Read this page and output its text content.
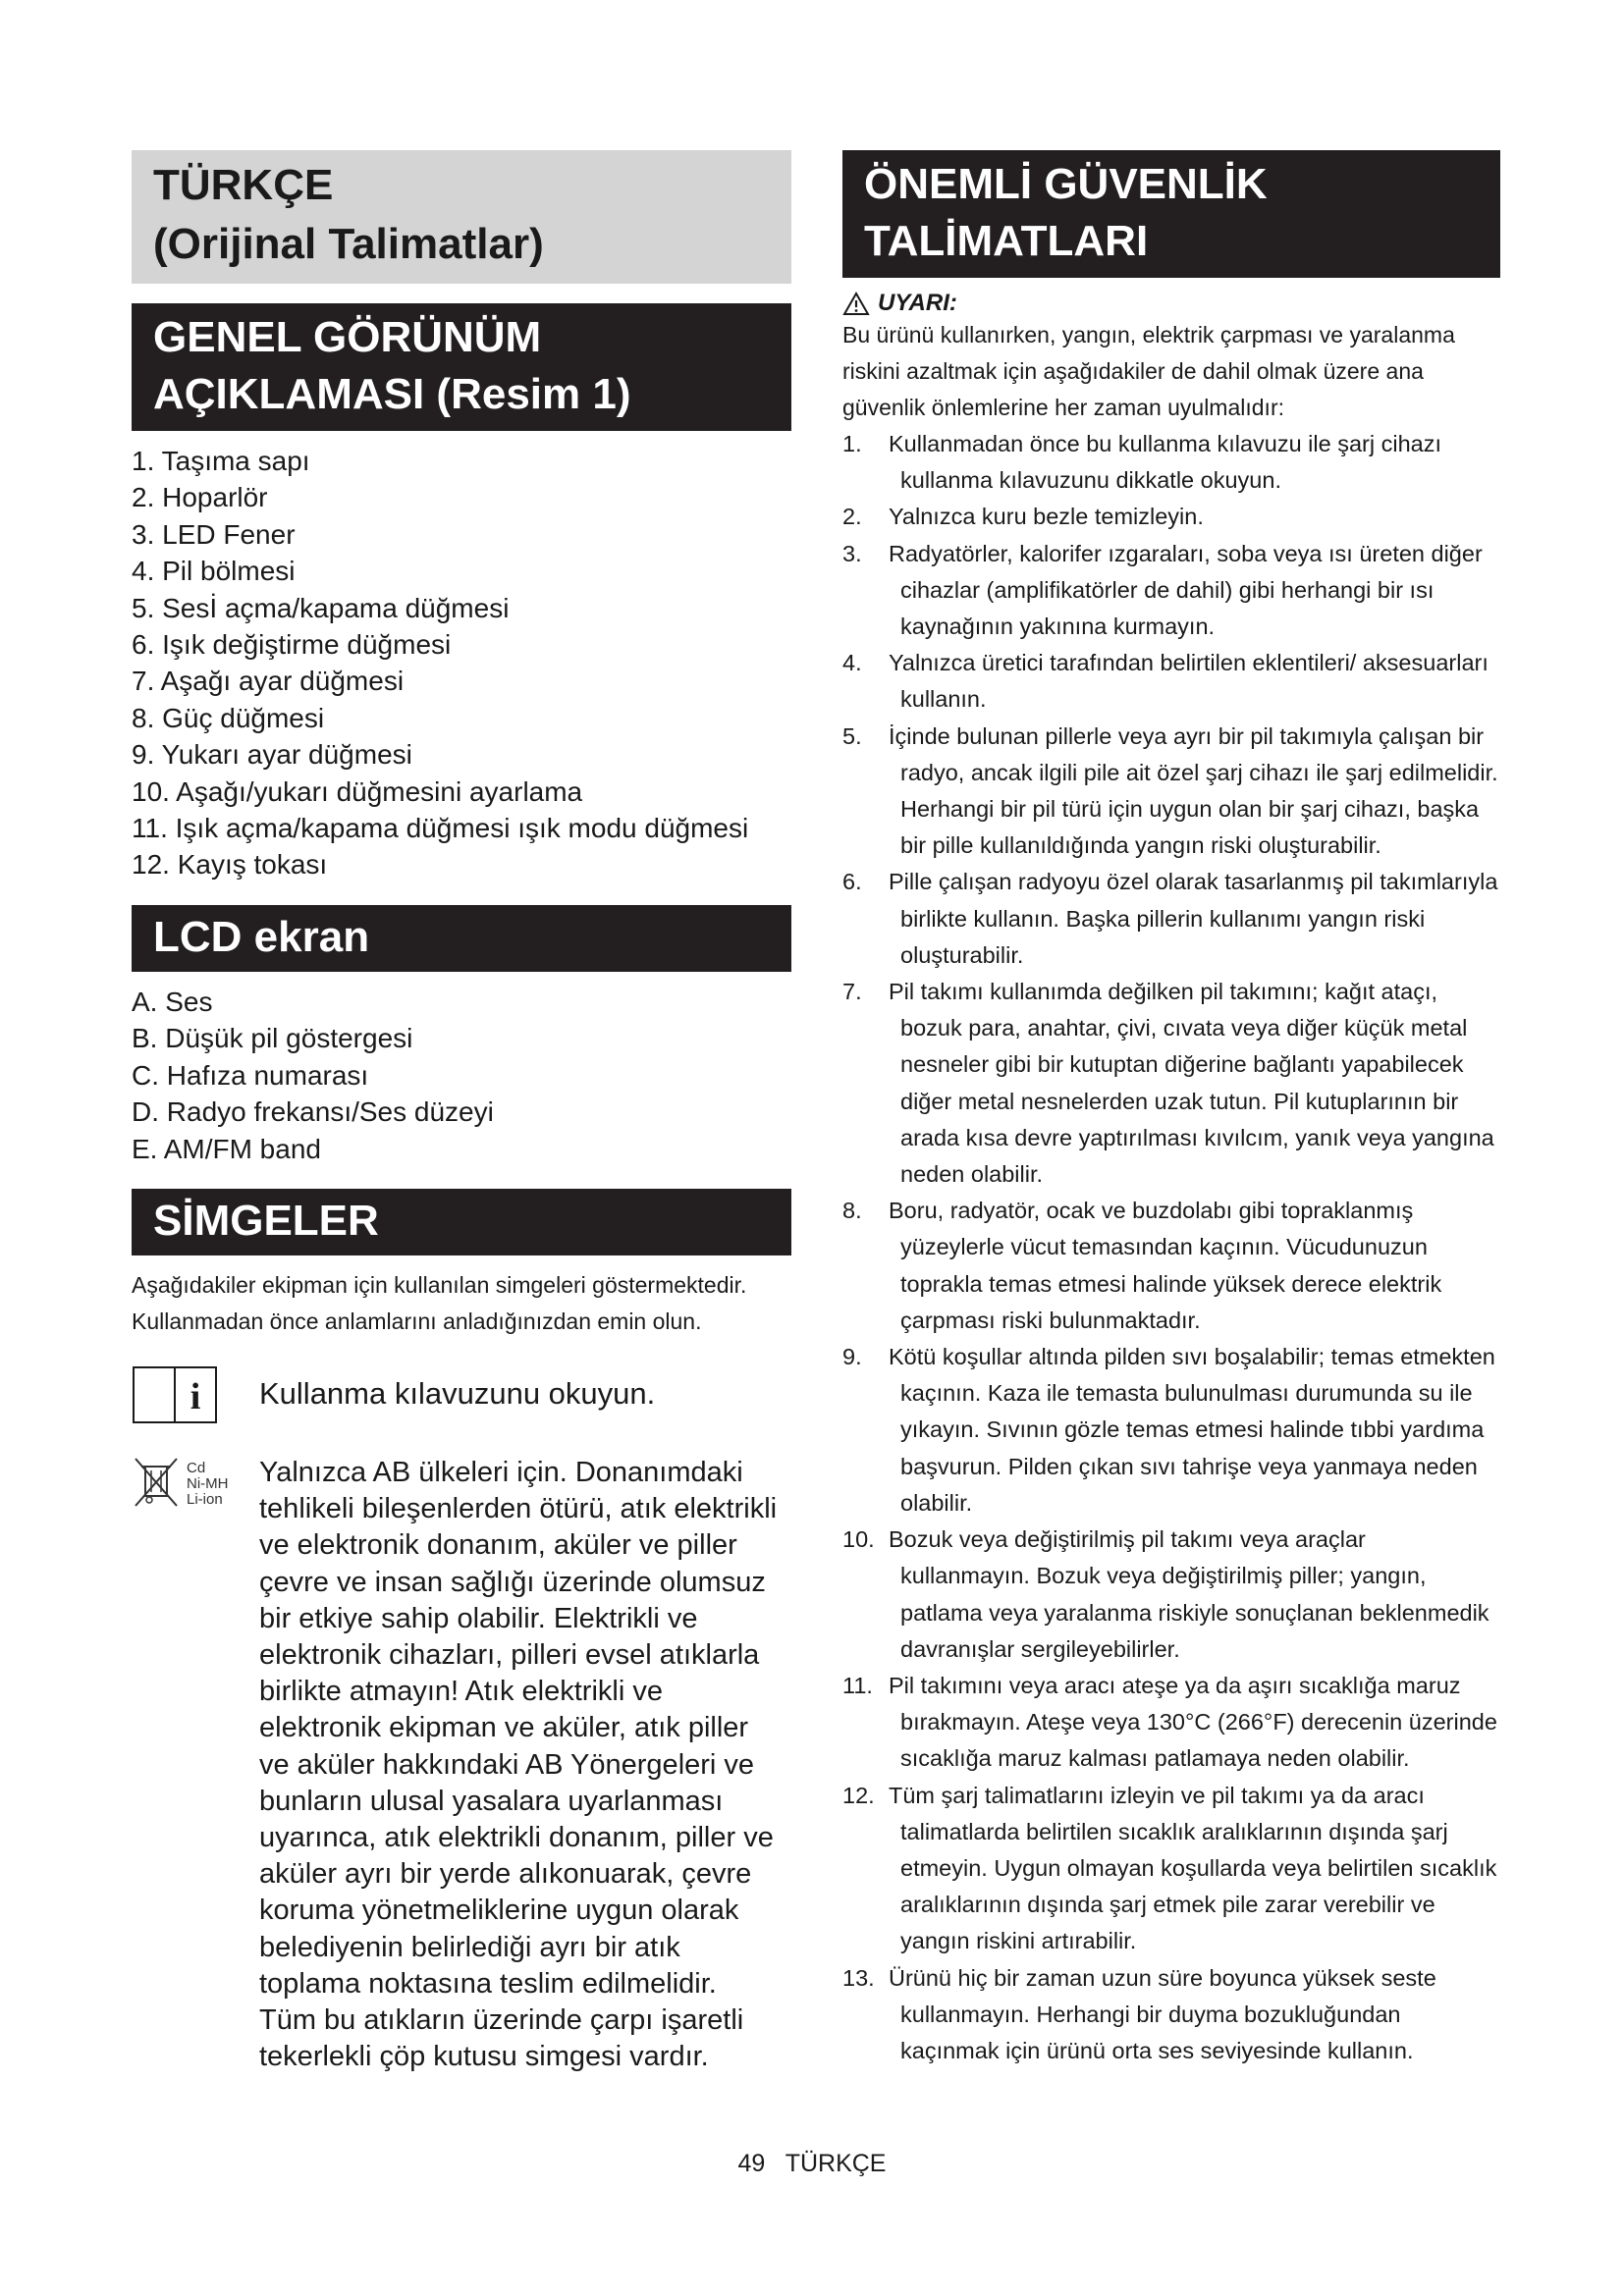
TÜRKÇE
(Orijinal Talimatlar)
GENEL GÖRÜNÜM
AÇIKLAMASI (Resim 1)
1. Taşıma sapı
2. Hoparlör
3. LED Fener
4. Pil bölmesi
5. Sesİ açma/kapama düğmesi
6. Işık değiştirme düğmesi
7. Aşağı ayar düğmesi
8. Güç düğmesi
9. Yukarı ayar düğmesi
10. Aşağı/yukarı düğmesini ayarlama
11. Işık açma/kapama düğmesi ışık modu düğmesi
12. Kayış tokası
LCD ekran
A. Ses
B. Düşük pil göstergesi
C. Hafıza numarası
D. Radyo frekansı/Ses düzeyi
E. AM/FM band
SİMGELER

Aşağıdakiler ekipman için kullanılan simgeleri göstermektedir. Kullanmadan önce anlamlarını anladığınızdan emin olun.

i Kullanma kılavuzunu okuyun.
Cd
Ni-MH
Li-ion
Yalnızca AB ülkeleri için. Donanımdaki tehlikeli bileşenlerden ötürü, atık elektrikli ve elektronik donanım, aküler ve piller çevre ve insan sağlığı üzerinde olumsuz bir etkiye sahip olabilir. Elektrikli ve elektronik cihazları, pilleri evsel atıklarla birlikte atmayın! Atık elektrikli ve elektronik ekipman ve aküler, atık piller ve aküler hakkındaki AB Yönergeleri ve bunların ulusal yasalara uyarlanması uyarınca, atık elektrikli donanım, piller ve aküler ayrı bir yerde alıkonuarak, çevre koruma yönetmeliklerine uygun olarak belediyenin belirlediği ayrı bir atık toplama noktasına teslim edilmelidir. Tüm bu atıkların üzerinde çarpı işaretli tekerlekli çöp kutusu simgesi vardır.
ÖNEMLİ GÜVENLİK
TALİMATLARI
UYARI:

Bu ürünü kullanırken, yangın, elektrik çarpması ve yaralanma riskini azaltmak için aşağıdakiler de dahil olmak üzere ana güvenlik önlemlerine her zaman uyulmalıdır:

1. Kullanmadan önce bu kullanma kılavuzu ile şarj cihazı kullanma kılavuzunu dikkatle okuyun.
2. Yalnızca kuru bezle temizleyin.
3. Radyatörler, kalorifer ızgaraları, soba veya ısı üreten diğer cihazlar (amplifikatörler de dahil) gibi herhangi bir ısı kaynağının yakınına kurmayın.
4. Yalnızca üretici tarafından belirtilen eklentileri/ aksesuarları kullanın.
5. İçinde bulunan pillerle veya ayrı bir pil takımıyla çalışan bir radyo, ancak ilgili pile ait özel şarj cihazı ile şarj edilmelidir. Herhangi bir pil türü için uygun olan bir şarj cihazı, başka bir pille kullanıldığında yangın riski oluşturabilir.
6. Pille çalışan radyoyu özel olarak tasarlanmış pil takımlarıyla birlikte kullanın. Başka pillerin kullanımı yangın riski oluşturabilir.
7. Pil takımı kullanımda değilken pil takımını; kağıt ataçı, bozuk para, anahtar, çivi, cıvata veya diğer küçük metal nesneler gibi bir kutuptan diğerine bağlantı yapabilecek diğer metal nesnelerden uzak tutun. Pil kutuplarının bir arada kısa devre yaptırılması kıvılcım, yanık veya yangına neden olabilir.
8. Boru, radyatör, ocak ve buzdolabı gibi topraklanmış yüzeylerle vücut temasından kaçının. Vücudunuzun toprakla temas etmesi halinde yüksek derece elektrik çarpması riski bulunmaktadır.
9. Kötü koşullar altında pilden sıvı boşalabilir; temas etmekten kaçının. Kaza ile temasta bulunulması durumunda su ile yıkayın. Sıvının gözle temas etmesi halinde tıbbi yardıma başvurun. Pilden çıkan sıvı tahrişe veya yanmaya neden olabilir.
10. Bozuk veya değiştirilmiş pil takımı veya araçlar kullanmayın. Bozuk veya değiştirilmiş piller; yangın, patlama veya yaralanma riskiyle sonuçlanan beklenmedik davranışlar sergileyebilirler.
11. Pil takımını veya aracı ateşe ya da aşırı sıcaklığa maruz bırakmayın. Ateşe veya 130°C (266°F) derecenin üzerinde sıcaklığa maruz kalması patlamaya neden olabilir.
12. Tüm şarj talimatlarını izleyin ve pil takımı ya da aracı talimatlarda belirtilen sıcaklık aralıklarının dışında şarj etmeyin. Uygun olmayan koşullarda veya belirtilen sıcaklık aralıklarının dışında şarj etmek pile zarar verebilir ve yangın riskini artırabilir.
13. Ürünü hiç bir zaman uzun süre boyunca yüksek seste kullanmayın. Herhangi bir duyma bozukluğundan kaçınmak için ürünü orta ses seviyesinde kullanın.
49 TÜRKÇE
